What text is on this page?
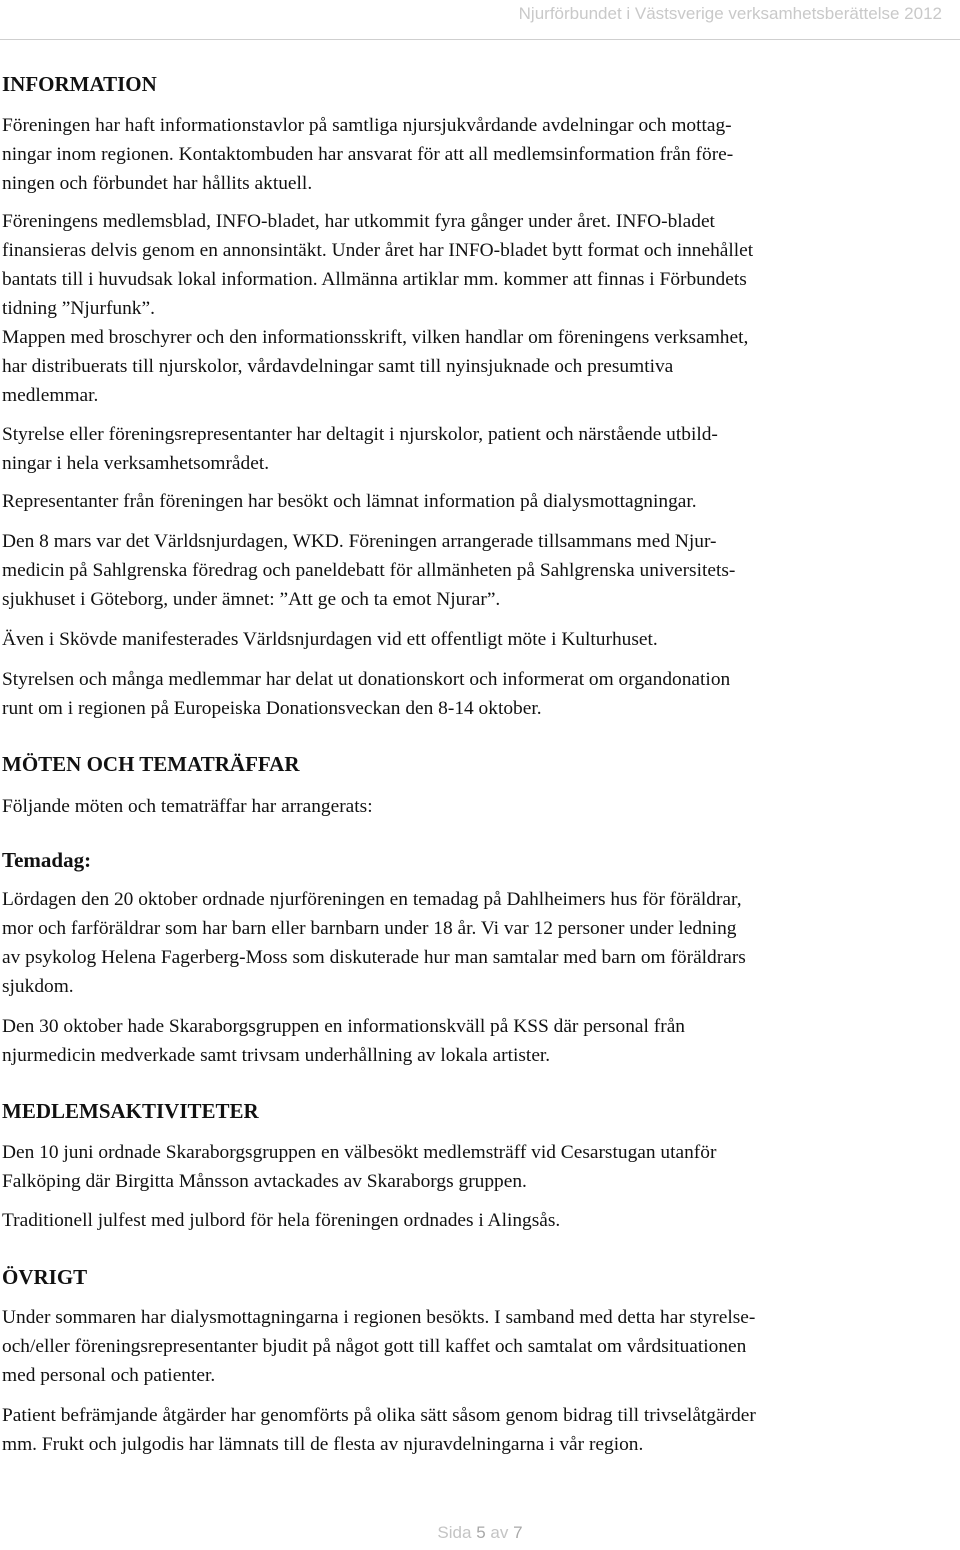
Njurförbundet i Västsverige verksamhetsberättelse 2012
INFORMATION
Föreningen har haft informationstavlor på samtliga njursjukvårdande avdelningar och mottag-
ningar inom regionen. Kontaktombuden har ansvarat för att all medlemsinformation från före-
ningen och förbundet har hållits aktuell.
Föreningens medlemsblad, INFO-bladet, har utkommit fyra gånger under året. INFO-bladet
finansieras delvis genom en annonsintäkt. Under året har INFO-bladet bytt format och innehållet
bantats till i huvudsak lokal information. Allmänna artiklar mm. kommer att finnas i Förbundets
tidning ”Njurfunk”.
Mappen med broschyrer och den informationsskrift, vilken handlar om föreningens verksamhet,
har distribuerats till njurskolor, vårdavdelningar samt till nyinsjuknade och presumtiva
medlemmar.
Styrelse eller föreningsrepresentanter har deltagit i njurskolor, patient och närstående utbild-
ningar i hela verksamhetsområdet.
Representanter från föreningen har besökt och lämnat information på dialysmottagningar.
Den 8 mars var det Världsnjurdagen, WKD. Föreningen arrangerade tillsammans med Njur-
medicin på Sahlgrenska föredrag och paneldebatt för allmänheten på Sahlgrenska universitets-
sjukhuset i Göteborg, under ämnet: ”Att ge och ta emot Njurar”.
Även i Skövde manifesterades Världsnjurdagen vid ett offentligt möte i Kulturhuset.
Styrelsen och många medlemmar har delat ut donationskort och informerat om organdonation
runt om i regionen på Europeiska Donationsveckan den 8-14 oktober.
MÖTEN OCH TEMATRÄFFAR
Följande möten och tematräffar har arrangerats:
Temadag:
Lördagen den 20 oktober ordnade njurföreningen en temadag på Dahlheimers hus för föräldrar,
mor och farföräldrar som har barn eller barnbarn under 18 år. Vi var 12 personer under ledning
av psykolog Helena Fagerberg-Moss som diskuterade hur man samtalar med barn om föräldrars
sjukdom.
Den 30 oktober hade Skaraborgsgruppen en informationskväll på KSS där personal från
njurmedicin medverkade samt trivsam underhållning av lokala artister.
MEDLEMSAKTIVITETER
Den 10 juni ordnade Skaraborgsgruppen en välbesökt medlemsträff vid Cesarstugan utanför
Falköping där Birgitta Månsson avtackades av Skaraborgs gruppen.
Traditionell julfest med julbord för hela föreningen ordnades i Alingsås.
ÖVRIGT
Under sommaren har dialysmottagningarna i regionen besökts. I samband med detta har styrelse-
och/eller föreningsrepresentanter bjudit på något gott till kaffet och samtalat om vårdsituationen
med personal och patienter.
Patient befrämjande åtgärder har genomförts på olika sätt såsom genom bidrag till trivselåtgärder
mm. Frukt och julgodis har lämnats till de flesta av njuravdelningarna i vår region.
Sida 5 av 7
